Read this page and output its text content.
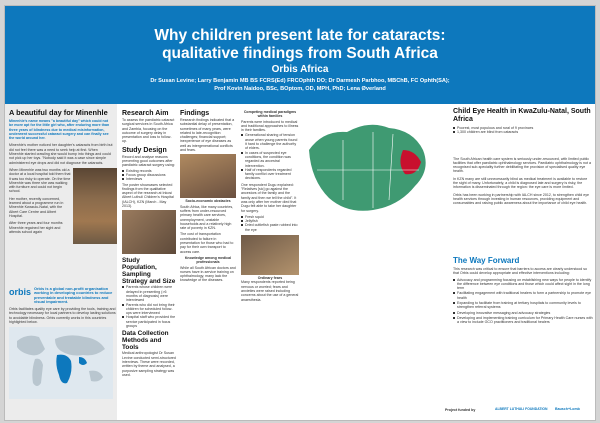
Why children present late for cataracts:
qualitative findings from South Africa
Orbis Africa
Dr Susan Levine; Larry Benjamin MB BS FCRS(Ed) FRCOphth DO; Dr Darmesh Parbhoo, MBChB, FC Ophth(SA);
Prof Kovin Naidoo, BSc, BOptom, OD, MPH, PhD; Lena Øverland

A beautiful day for Minenhle

Minenhle's name means "a beautiful day" which could not be more apt for the little girl who, after enduring more than three years of blindness due to medical misinformation, underwent successful cataract surgery and can finally see the world around her.

Minenhle's mother noticed her daughter's cataracts from birth but did not feel there was a need to seek help at first. When Minenhle started crawling she would bump into things and could not pick up her toys. "Nobody said it was a case since simple administered eye drops and did not diagnose the cataracts.

When Minenhle was two months old a doctor at a local hospital told them that it was too risky to operate. On the time Minenhle was three she was walking with furniture and could not begin school.

Her mother, recently concerned, learned about a programme run in Minenhle Kwazulu-Natal, with the Albert Care Centre and Albert Hospital.

After three years and four months Minenhle regained her sight and attends school again

orbis Orbis is a global non-profit organisation working in developing countries to reduce preventable and treatable blindness and visual impairment.

Orbis facilitates quality eye care by providing the tools, training and technology necessary for local partners to develop lasting solutions to avoidable blindness. Orbis currently works in this countries highlighted below.

Research Aim

To assess the paediatric cataract surgical services in South Africa and Zambia, focusing on the outcome of surgery delay in presentation and loss to follow-up.

Study Design

Record and analyse reasons preventing good outcomes after paediatric cataract surgery using:

Existing records

Focus group discussions

Interviews

The poster showcases selected findings from the qualitative aspect of the research at Inkosi Albert Luthuli Children's Hospital (IALCH), KZN (March - May 2013).

Study Population, Sampling Strategy and Size

Parents whose children were delayed in presenting (>6 months of diagnosis) were interviewed

Parents who did not bring their children for scheduled follow-ups were interviewed

Hospital staff who provided the service participated in focus groups

Data Collection Methods and Tools

Medical anthropologist Dr Susan Levine conducted semi-structured interviews. These were recorded, written by theme and analysed, a purposive sampling strategy was used.

Findings

Research findings indicated that a substantial delay of presentation, sometimes of many years, were related to late-recognition challenges; financial support; inexperience of eye diseases as well as intergenerational conflicts and fears.

Socio-economic obstacles

South Africa, like many countries, suffers from under-resourced primary health care services, unemployment, unstable households and a relatively high rate of poverty in KZN.

The cost of transportation contributed to failure in presentation for those who had to pay for their own transport to access care.

Knowledge among medical professionals

While all South African doctors and nurses have in-service training on ophthalmology, many lack the knowledge of the diseases.

Competing medical paradigms within families

Parents were introduced to medical and traditional approaches to illness in their families.

Generational sharing of tension arose when young parents found it hard to challenge the authority of elders.

In cases of suspected eye conditions, the condition was regarded as ancestral intervention.

Half of respondents regarded family conflict over treatment decisions.

One respondent Dugu explained: "Relatives [sic] go against the ancestors of the family and the family and then we tell the child". It was only after her mother died that Dugu felt able to take her daughter for surgery.

Fresh squid

Jellyfish

Dried cuttlefish paste rubbed into the eye

Ordinary fears

Many respondents reported being nervous or worried; fears and anxieties were raised including concerns about the use of a general anaesthesia.

Child Eye Health in KwaZulu-Natal, South Africa

Poorest, most populous and rural of 9 provinces

1,300 children are blind from cataracts

The South African health care system is seriously under-resourced, with limited public facilities that offer paediatric ophthalmology services. Paediatric ophthalmology is not a recognised sub-speciality further debilitating the provision of specialised quality eye health.

In KZN many are still unnecessarily blind as medical treatment is available to restore the sight of many. Unfortunately, a child is diagnosed late and surgery is risky, the information is disseminated through the region: the eye care is more limited.

Orbis has been working in partnership with IALCH since 2012, to strengthen child eye health services through investing in human resources, providing equipment and consumables and raising public awareness about the importance of child eye health.

The Way Forward

This research was critical to ensure that barriers to access are clearly understood so that Orbis could develop appropriate and effective interventions including:

Advocacy and programming focusing on establishing new ways for people to identify the difference between eye conditions and those which could affect sight in the long term

Facilitating engagement with traditional healers to form a partnership to promote eye health

Expanding to facilitate from training at tertiary hospitals to community levels to strengthen referral systems

Developing innovative messaging and advocacy strategies

Developing and implementing training curriculum for Primary Health Care nurses with a view to include GCO practitioners and traditional healers

Project funded by	ALBERT LUTHULI FOUNDATION Bausch+Lomb
